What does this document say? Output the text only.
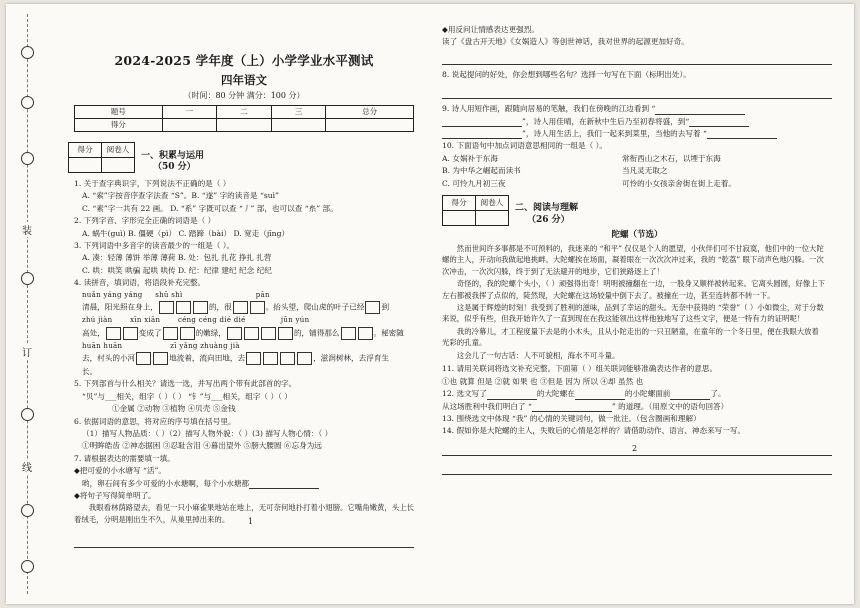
装
订
线
2024-2025 学年度（上）小学学业水平测试
四年语文
（时间：80 分钟 满分：100 分）
题号	一	二	三	总分
得分				
得分	阅卷人

一、积累与运用
（50 分）
1. 关于查字典识字，下列说法不正确的是（ ）
A. “索”字按音序查字法查 “S”。B. “遂” 字的读音是 “suì”
C. “素”字一共有 22 画。 D. “系” 字既可以查 “丿” 部，也可以查 “糸” 部。
2. 下列字音、字形完全正确的词语是（ ）
A. 蜗牛(guì) B. 僵硬（pì） C. 踏蹄（bài） D. 宽走（jīng）
3. 下列词语中多音字的读音最少的一组是（ ）。
A. 凑：轻薄 薄饼 举薄 薄荷 B. 处：包扎 扎花 挣扎 扎营
C. 哄：哄笑 哄骗 起哄 哄传 D. 纪：纪律 建纪 纪念 纪纪
4. 读拼音，填词语，将语段补充完整。
nuǎn yáng yáng     shū shì                             pān
清晨，阳光照在身上，	的，很	。抬头望，爬山虎的叶子已经 到
zhú jiàn       xīn xiān       céng céng dié dié              jūn yún
高处，	变成了	的嫩绿，	的，铺得那么	。秘密随
huān huān                   zī yǎng zhuàng jià
去，村头的小河	地流着，流向田地，去	，滋润树林，去浮育生
长。
5. 下列部首与什么相关？请选一选，并写出两个带有此部首的字。
“贝”与___相关，组字（ ）（ ） “钅”与___相关，组字（ ）（ ）
①金属 ②动物 ③植物 ④贝壳 ⑤金钱
6. 依据词语的意思，将对应的序号填在括号里。
（1）描写人物品质：（ ）（2）描写人物外貌：（ ）(3) 描写人物心情：（ ）
①明眸皓齿 ②神态据困 ③忍耻含泪 ④暮出望外 ⑤膀大腰圆 ⑥忘身为远
7. 请根据表达的需要填一填。
◆把可爱的小水塘写 “活”。
哟，卵石间有多少可爱的小水塘啊，每个小水塘都
◆将句子写得简单明了。
我眼看林荫路望去，看见一只小麻雀果地站在地上，无可奈何地扑打着小翅膀。它嘴角嫩黄，头上长着绒毛，分明是刚出生不久，从巢里掉出来的。	1
◆用反问让情感表达更强烈。
读了《盘古开天地》《女娲造人》等创世神话，我对世界的起源更加好奇。
8. 说起提问的好处，你会想到哪些名句？选择一句写在下面（标明出处）。
9. 诗人用短作画，跟随向居易的笔触，我们在傍晚的江边看到 “
”，诗人用佳晴，在新秋中生后乃至初春将盛，到“
”，诗人用生活上，我们一起来到菜里，当他的去写着 “
10. 下面语句中加点词语意思相同的一组是（ ）。
A. 女娲补于东海	常衔西山之木石，以堙于东海
B. 为中华之崛起而读书	当凡灵无取之
C. 可怜九月初三夜	可怜的小女孩亲舍街在街上走着。
得分	阅卷人

二、阅读与理解
（26 分）
陀螺（节选）
然而世间许多事都是不可预料的，我迷来的 “和平” 仅仅是个人的愿望，小伙伴们可不甘寂寞，他们中的一位大陀螺的主人，开动向我做起地挑衅。大陀螺挨在场面，凝着眼在一次次次冲过来，我的 “乾荔” 眼下动声色地闪躲。一次次冲击，一次次闪躲，终于到了无法避开的地步，它们狭路逐上了！
奇怪的，我的陀螺个头小，（ ）顽强得出奇！明明被撞翻在一边，一股身又顺样被转起来。它离头圆圆，好像上下左右都被我挥了点似的，陡然现，大陀螺在这场较量中倒下去了。被撞在一边，甚至连转都不转一下。
这是属于辉煌的时刻！我受到了胜利的滋味，品到了幸运的甜头。无奈中获得的 “荣誉”（ ）小如微尘，对于分数来说，似乎有些，但我开始许久了一直到现在在我这能领出这样他独地写了这些文字，便是一特有力的证明呢！
我的冷幕儿，才工程度量下去是的小木头，且从小陀走出的一只丑陋童，在童年的一个冬日里，便在我眼大放着光彩的孔童。
这会儿了一句古话：人不可貌相，海水不可斗量。
11. 请用关联词将选文补充完整。下面第（ ）组关联词能够准确表达作者的意思。
①也 就算 但是 ②就 如果 也 ③但是 因为 所以 ④却 虽然 也
12. 选文写了	的大陀螺在	的小陀螺面前	了。
从这场胜利中我们明白了 “	” 的道理。（用原文中的语句回答）
13. 围绕选文中体现 “我” 的心情的关键词句，做一批注。（包含圈画和理解）
14. 假如你是大陀螺的主人，失败后的心情是怎样的？请借助动作、语言、神态来写一写。
2
